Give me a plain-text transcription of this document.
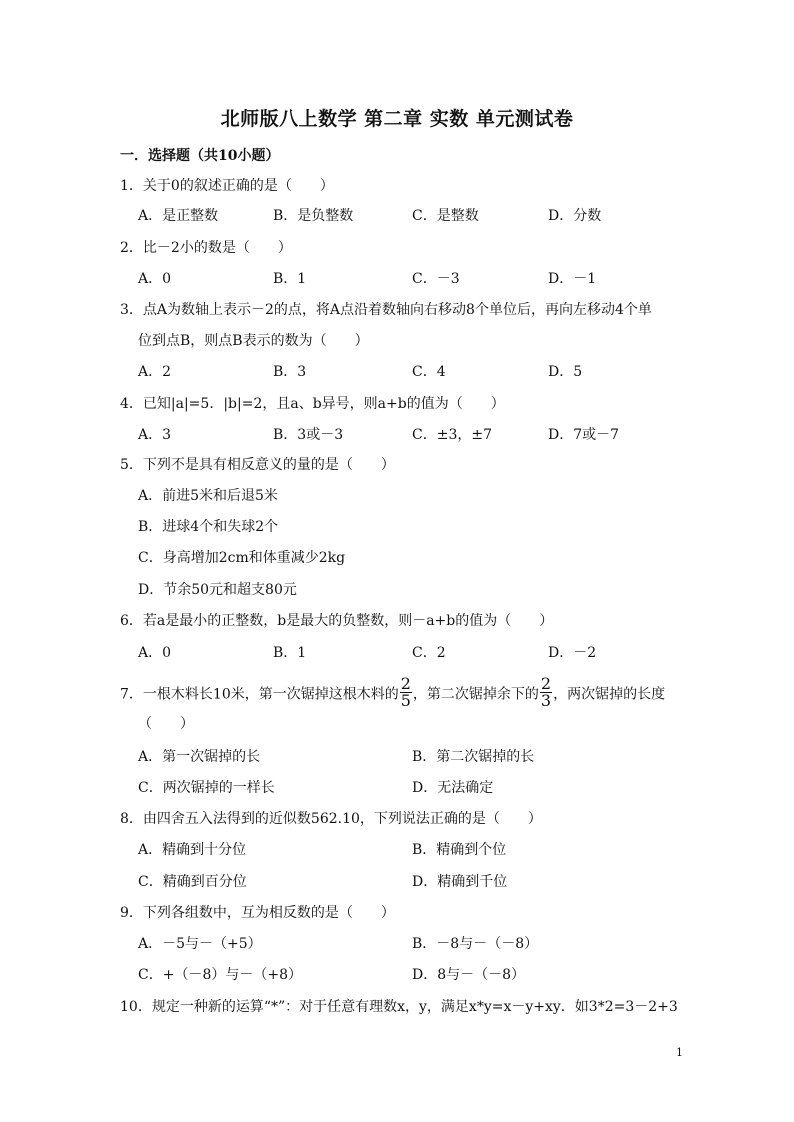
北师版八上数学 第二章 实数 单元测试卷
一．选择题（共10小题）
1．关于0的叙述正确的是（　　）
A．是正整数	B．是负整数	C．是整数	D．分数
2．比－2小的数是（　　）
A．0	B．1	C．－3	D．－1
3．点A为数轴上表示－2的点，将A点沿着数轴向右移动8个单位后，再向左移动4个单
位到点B，则点B表示的数为（　　）
A．2	B．3	C．4	D．5
4．已知|a|=5．|b|=2，且a、b异号，则a+b的值为（　　）
A．3	B．3或－3	C．±3，±7	D．7或－7
5．下列不是具有相反意义的量的是（　　）
A．前进5米和后退5米
B．进球4个和失球2个
C．身高增加2cm和体重减少2kg
D．节余50元和超支80元
6．若a是最小的正整数，b是最大的负整数，则－a+b的值为（　　）
A．0	B．1	C．2	D．－2
7．一根木料长10米，第一次锯掉这根木料的 $\frac{2}{5}$ ，第二次锯掉余下的 $\frac{2}{3}$ ，两次锯掉的长度
（　　）
A．第一次锯掉的长	B．第二次锯掉的长
C．两次锯掉的一样长	D．无法确定
8．由四舍五入法得到的近似数562.10，下列说法正确的是（　　）
A．精确到十分位	B．精确到个位
C．精确到百分位	D．精确到千位
9．下列各组数中，互为相反数的是（　　）
A．－5与－（+5）	B．－8与－（－8）
C．+（－8）与－（+8）	D．8与－（－8）
10．规定一种新的运算“*”：对于任意有理数x，y，满足x*y=x－y+xy．如3*2=3－2+3
1
